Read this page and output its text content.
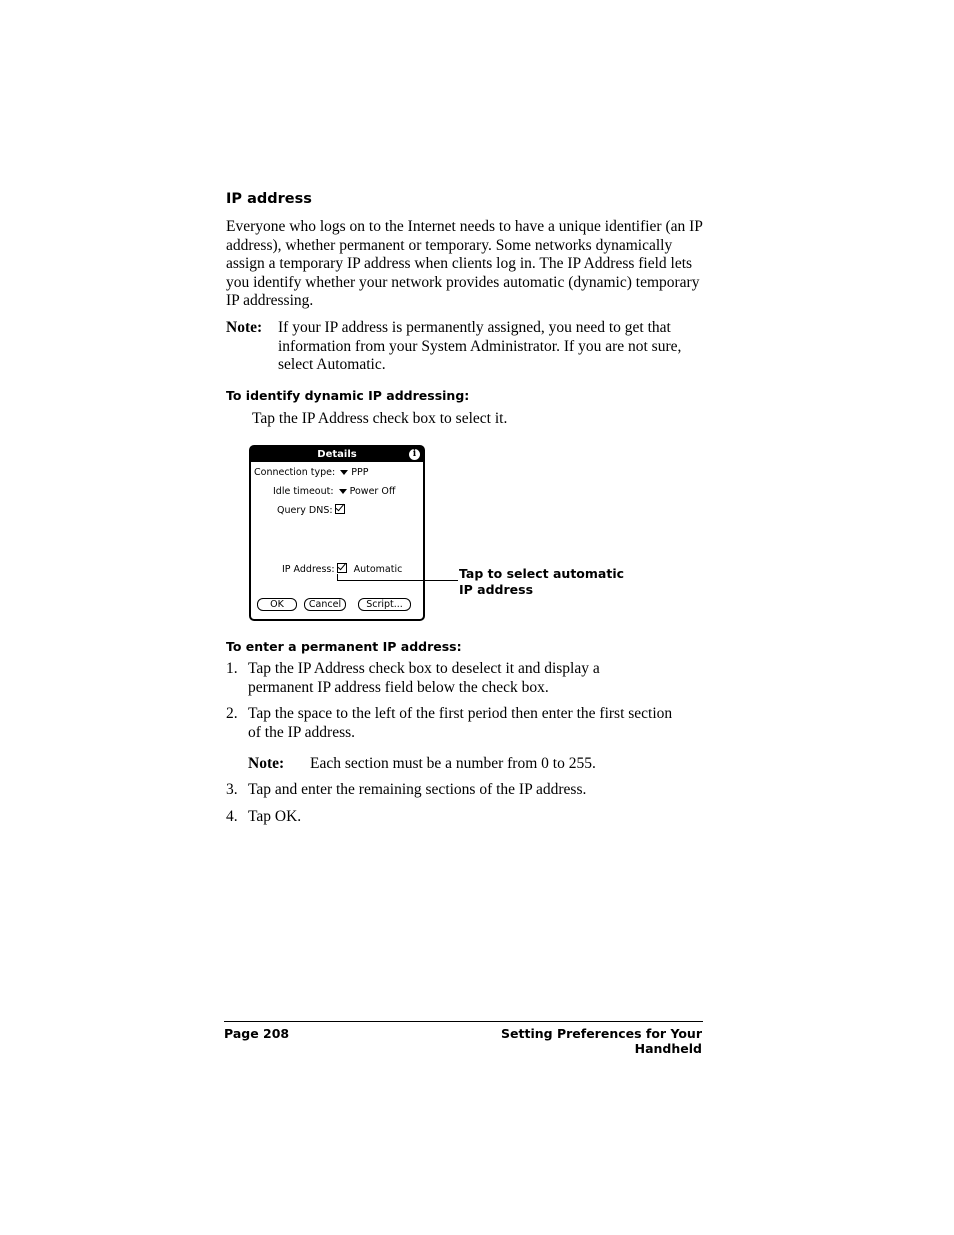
IP address
Everyone who logs on to the Internet needs to have a unique identifier (an IP address), whether permanent or temporary. Some networks dynamically assign a temporary IP address when clients log in. The IP Address field lets you identify whether your network provides automatic (dynamic) temporary IP addressing.
Note: If your IP address is permanently assigned, you need to get that information from your System Administrator. If you are not sure, select Automatic.
To identify dynamic IP addressing:
Tap the IP Address check box to select it.
Details	i
Connection type: PPP
Idle timeout: Power Off
Query DNS:
IP Address: Automatic
OK	Cancel	Script...
Tap to select automatic
IP address
To enter a permanent IP address:
1. Tap the IP Address check box to deselect it and display a permanent IP address field below the check box.
2. Tap the space to the left of the first period then enter the first section of the IP address.
Note: Each section must be a number from 0 to 255.
3. Tap and enter the remaining sections of the IP address.
4. Tap OK.
Page 208	Setting Preferences for Your Handheld
